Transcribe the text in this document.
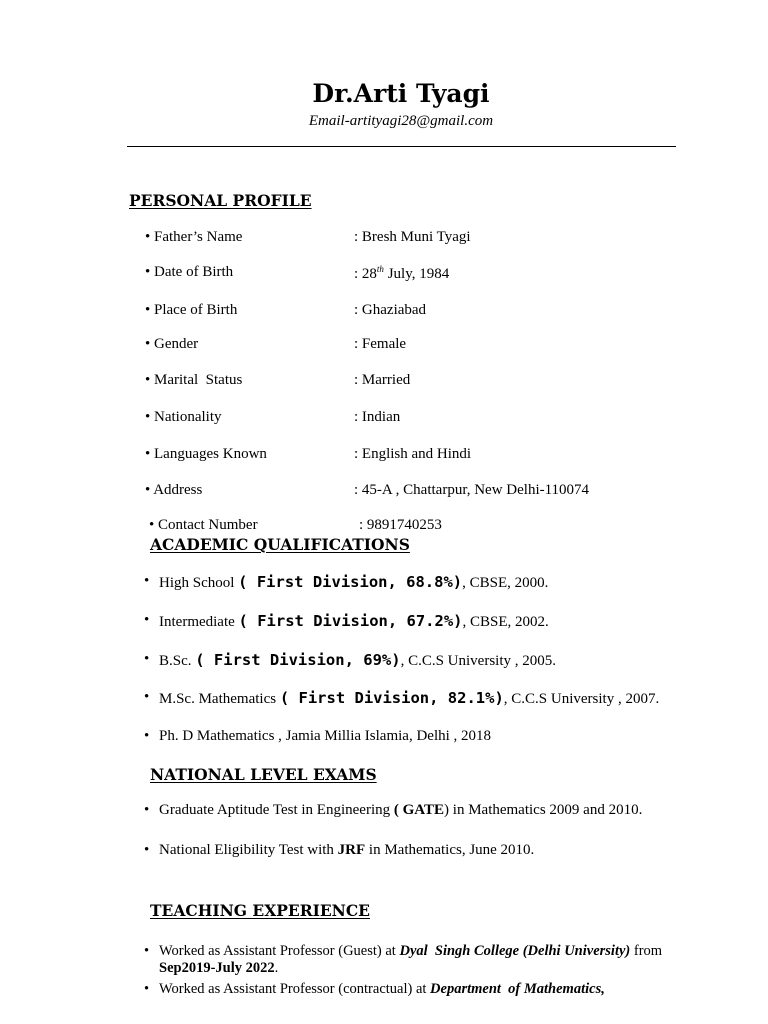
Dr.Arti Tyagi
Email-artityagi28@gmail.com
PERSONAL PROFILE
• Father’s Name	: Bresh Muni Tyagi
• Date of Birth	: 28th July, 1984
• Place of Birth	: Ghaziabad
• Gender	: Female
• Marital  Status	: Married
• Nationality	: Indian
• Languages Known	: English and Hindi
• Address	: 45-A , Chattarpur, New Delhi-110074
• Contact Number	: 9891740253
ACADEMIC QUALIFICATIONS
• High School ( First Division, 68.8%), CBSE, 2000.
• Intermediate ( First Division, 67.2%), CBSE, 2002.
• B.Sc. ( First Division, 69%), C.C.S University , 2005.
• M.Sc. Mathematics ( First Division, 82.1%), C.C.S University , 2007.
• Ph. D Mathematics , Jamia Millia Islamia, Delhi , 2018
NATIONAL LEVEL EXAMS
• Graduate Aptitude Test in Engineering ( GATE) in Mathematics 2009 and 2010.
• National Eligibility Test with JRF in Mathematics, June 2010.
TEACHING EXPERIENCE
• Worked as Assistant Professor (Guest) at Dyal  Singh College (Delhi University) from
Sep2019-July 2022.
• Worked as Assistant Professor (contractual) at Department  of Mathematics,
